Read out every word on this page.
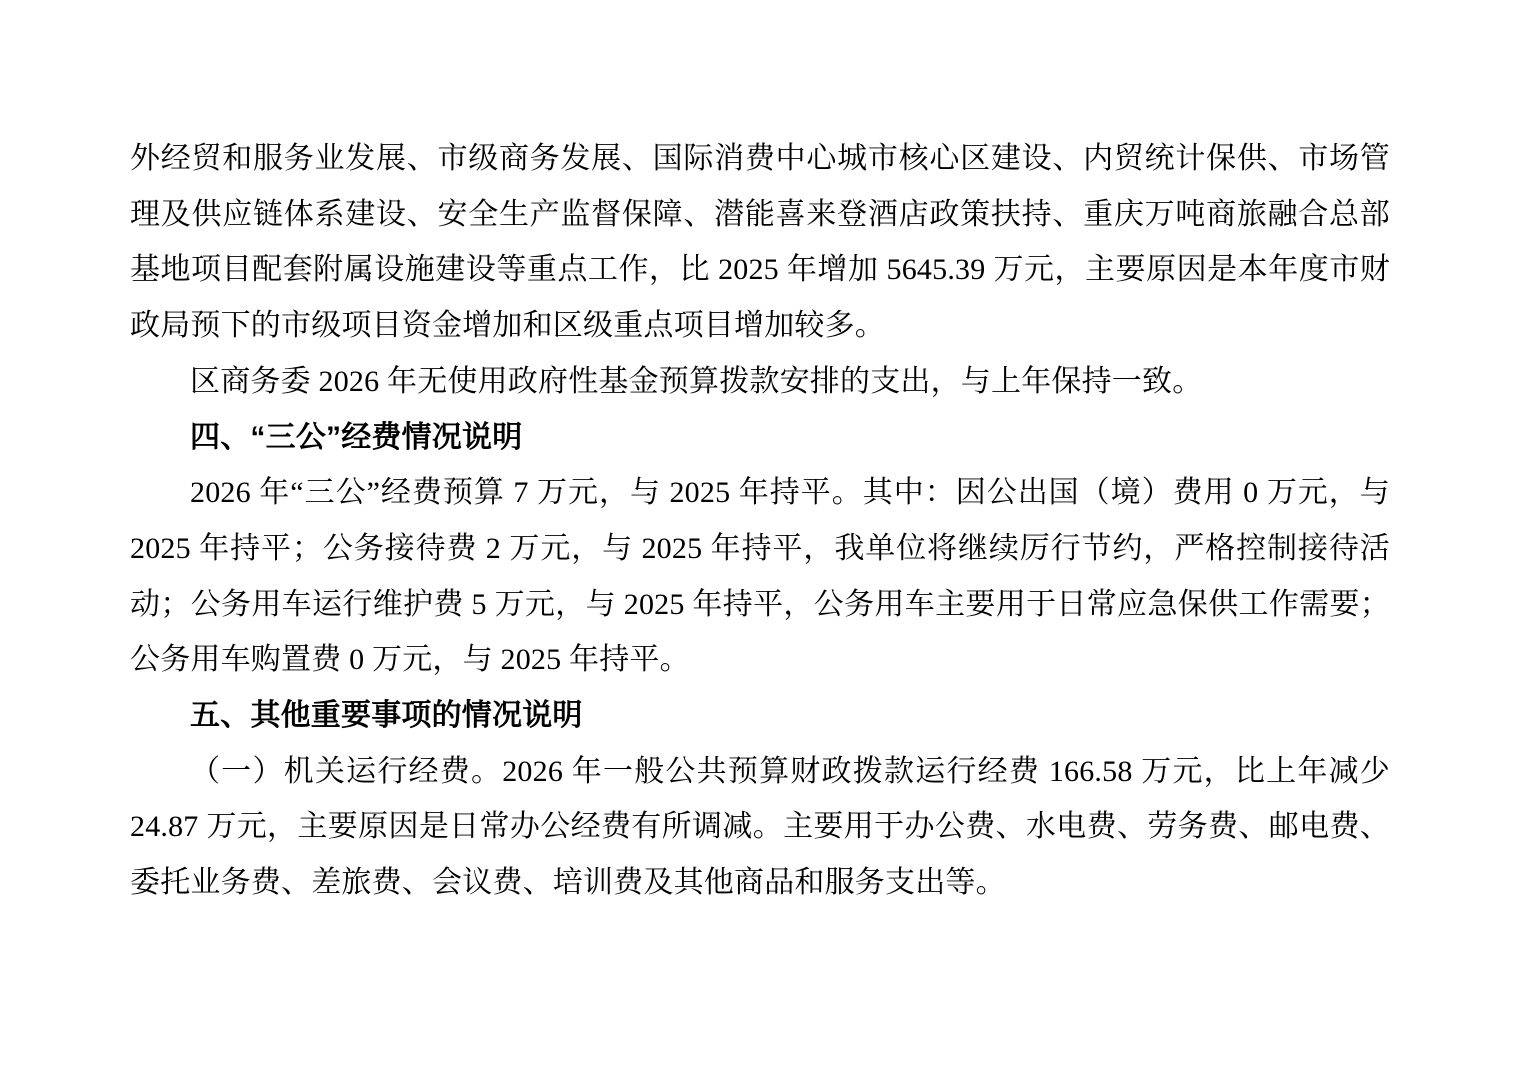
外经贸和服务业发展、市级商务发展、国际消费中心城市核心区建设、内贸统计保供、市场管理及供应链体系建设、安全生产监督保障、潜能喜来登酒店政策扶持、重庆万吨商旅融合总部基地项目配套附属设施建设等重点工作，比 2025 年增加 5645.39 万元，主要原因是本年度市财政局预下的市级项目资金增加和区级重点项目增加较多。

区商务委 2026 年无使用政府性基金预算拨款安排的支出，与上年保持一致。

四、“三公”经费情况说明

2026 年“三公”经费预算 7 万元，与 2025 年持平。其中：因公出国（境）费用 0 万元，与 2025 年持平；公务接待费 2 万元，与 2025 年持平，我单位将继续厉行节约，严格控制接待活动；公务用车运行维护费 5 万元，与 2025 年持平，公务用车主要用于日常应急保供工作需要；公务用车购置费 0 万元，与 2025 年持平。

五、其他重要事项的情况说明

（一）机关运行经费。2026 年一般公共预算财政拨款运行经费 166.58 万元，比上年减少 24.87 万元，主要原因是日常办公经费有所调减。主要用于办公费、水电费、劳务费、邮电费、委托业务费、差旅费、会议费、培训费及其他商品和服务支出等。
